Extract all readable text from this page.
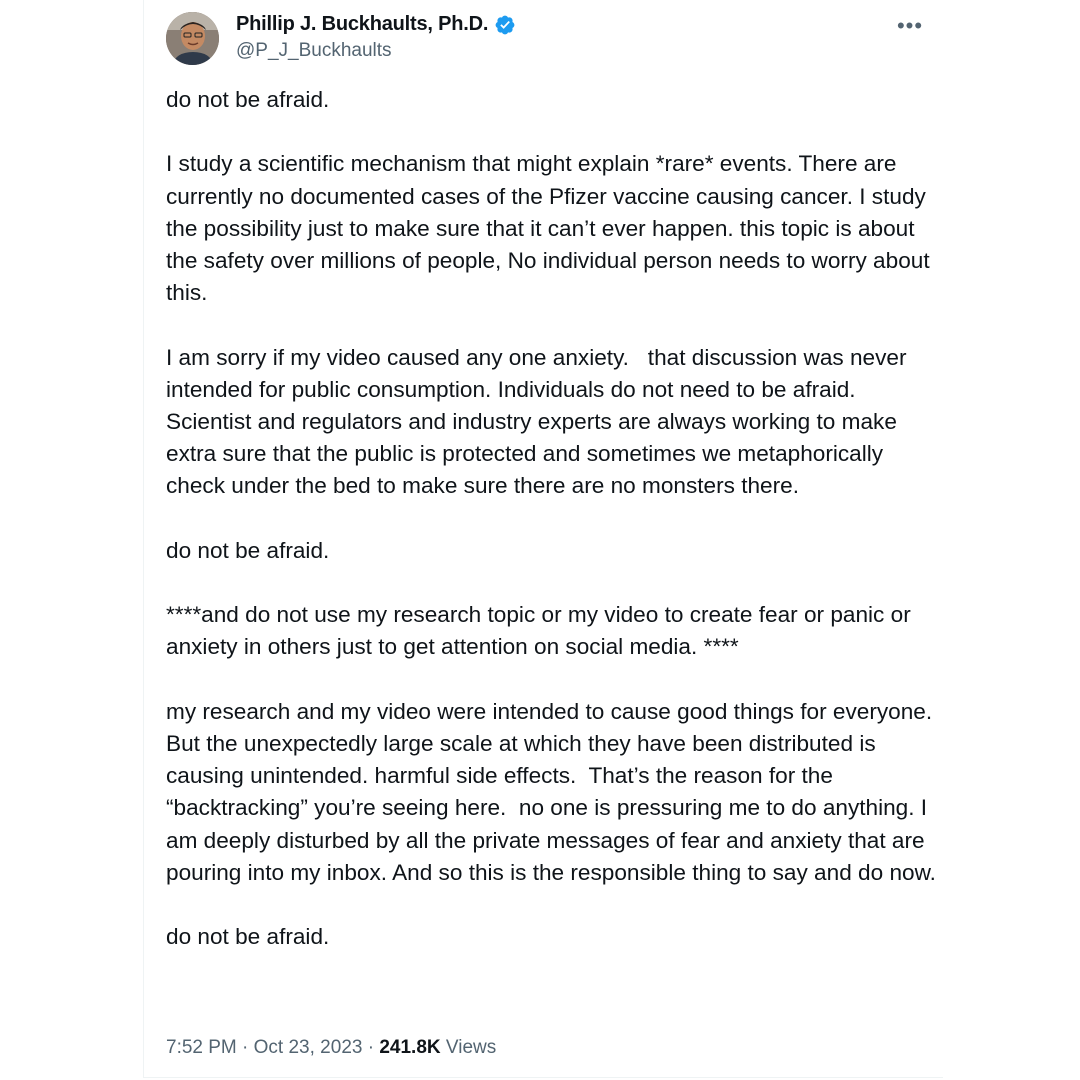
Phillip J. Buckhaults, Ph.D.
@P_J_Buckhaults
•••

do not be afraid.

I study a scientific mechanism that might explain *rare* events. There are currently no documented cases of the Pfizer vaccine causing cancer. I study the possibility just to make sure that it can’t ever happen. this topic is about the safety over millions of people, No individual person needs to worry about this.

I am sorry if my video caused any one anxiety.   that discussion was never intended for public consumption. Individuals do not need to be afraid. Scientist and regulators and industry experts are always working to make extra sure that the public is protected and sometimes we metaphorically check under the bed to make sure there are no monsters there.

do not be afraid.

****and do not use my research topic or my video to create fear or panic or anxiety in others just to get attention on social media. ****

my research and my video were intended to cause good things for everyone. But the unexpectedly large scale at which they have been distributed is causing unintended. harmful side effects.  That’s the reason for the “backtracking” you’re seeing here.  no one is pressuring me to do anything. I am deeply disturbed by all the private messages of fear and anxiety that are pouring into my inbox. And so this is the responsible thing to say and do now.

do not be afraid.

7:52 PM · Oct 23, 2023 · 241.8K Views
